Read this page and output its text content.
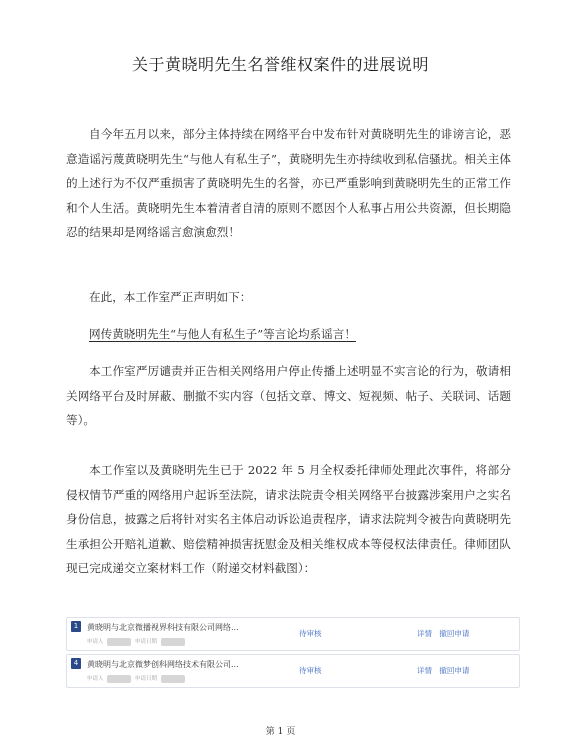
关于黄晓明先生名誉维权案件的进展说明
自今年五月以来，部分主体持续在网络平台中发布针对黄晓明先生的诽谤言论，恶意造谣污蔑黄晓明先生“与他人有私生子”，黄晓明先生亦持续收到私信骚扰。相关主体的上述行为不仅严重损害了黄晓明先生的名誉，亦已严重影响到黄晓明先生的正常工作和个人生活。黄晓明先生本着清者自清的原则不愿因个人私事占用公共资源，但长期隐忍的结果却是网络谣言愈演愈烈！
在此，本工作室严正声明如下：
网传黄晓明先生“与他人有私生子”等言论均系谣言！
本工作室严厉谴责并正告相关网络用户停止传播上述明显不实言论的行为，敬请相关网络平台及时屏蔽、删撤不实内容（包括文章、博文、短视频、帖子、关联词、话题等）。
本工作室以及黄晓明先生已于 2022 年 5 月全权委托律师处理此次事件，将部分侵权情节严重的网络用户起诉至法院，请求法院责令相关网络平台披露涉案用户之实名身份信息，披露之后将针对实名主体启动诉讼追责程序，请求法院判令被告向黄晓明先生承担公开赔礼道歉、赔偿精神损害抚慰金及相关维权成本等侵权法律责任。律师团队现已完成递交立案材料工作（附递交材料截图）：
1	黄晓明与北京微播视界科技有限公司网络...
申请人	申请日期
待审核	详情 撤回申请
4	黄晓明与北京微梦创科网络技术有限公司...
申请人	申请日期
待审核	详情 撤回申请
第 1 页
